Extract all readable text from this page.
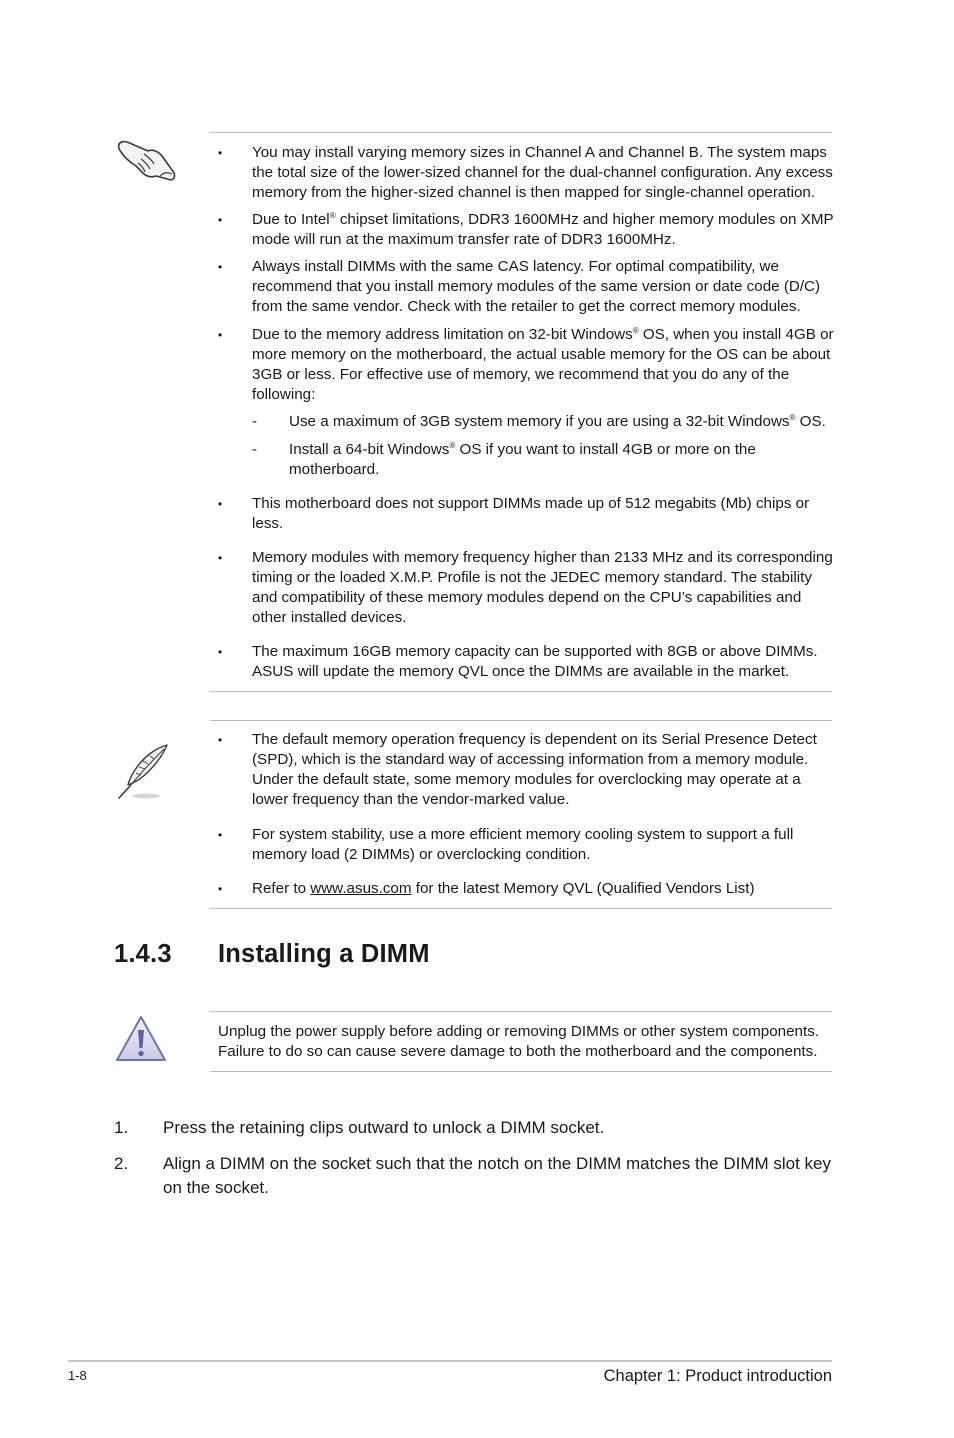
• You may install varying memory sizes in Channel A and Channel B. The system maps the total size of the lower-sized channel for the dual-channel configuration. Any excess memory from the higher-sized channel is then mapped for single-channel operation.
• Due to Intel® chipset limitations, DDR3 1600MHz and higher memory modules on XMP mode will run at the maximum transfer rate of DDR3 1600MHz.
• Always install DIMMs with the same CAS latency. For optimal compatibility, we recommend that you install memory modules of the same version or date code (D/C) from the same vendor. Check with the retailer to get the correct memory modules.
• Due to the memory address limitation on 32-bit Windows® OS, when you install 4GB or more memory on the motherboard, the actual usable memory for the OS can be about 3GB or less. For effective use of memory, we recommend that you do any of the following:
- Use a maximum of 3GB system memory if you are using a 32-bit Windows® OS.
- Install a 64-bit Windows® OS if you want to install 4GB or more on the motherboard.
• This motherboard does not support DIMMs made up of 512 megabits (Mb) chips or less.
• Memory modules with memory frequency higher than 2133 MHz and its corresponding timing or the loaded X.M.P. Profile is not the JEDEC memory standard. The stability and compatibility of these memory modules depend on the CPU’s capabilities and other installed devices.
• The maximum 16GB memory capacity can be supported with 8GB or above DIMMs. ASUS will update the memory QVL once the DIMMs are available in the market.
• The default memory operation frequency is dependent on its Serial Presence Detect (SPD), which is the standard way of accessing information from a memory module. Under the default state, some memory modules for overclocking may operate at a lower frequency than the vendor-marked value.
• For system stability, use a more efficient memory cooling system to support a full memory load (2 DIMMs) or overclocking condition.
• Refer to www.asus.com for the latest Memory QVL (Qualified Vendors List)
1.4.3 Installing a DIMM
Unplug the power supply before adding or removing DIMMs or other system components. Failure to do so can cause severe damage to both the motherboard and the components.
1. Press the retaining clips outward to unlock a DIMM socket.
2. Align a DIMM on the socket such that the notch on the DIMM matches the DIMM slot key on the socket.
1-8	Chapter 1: Product introduction
